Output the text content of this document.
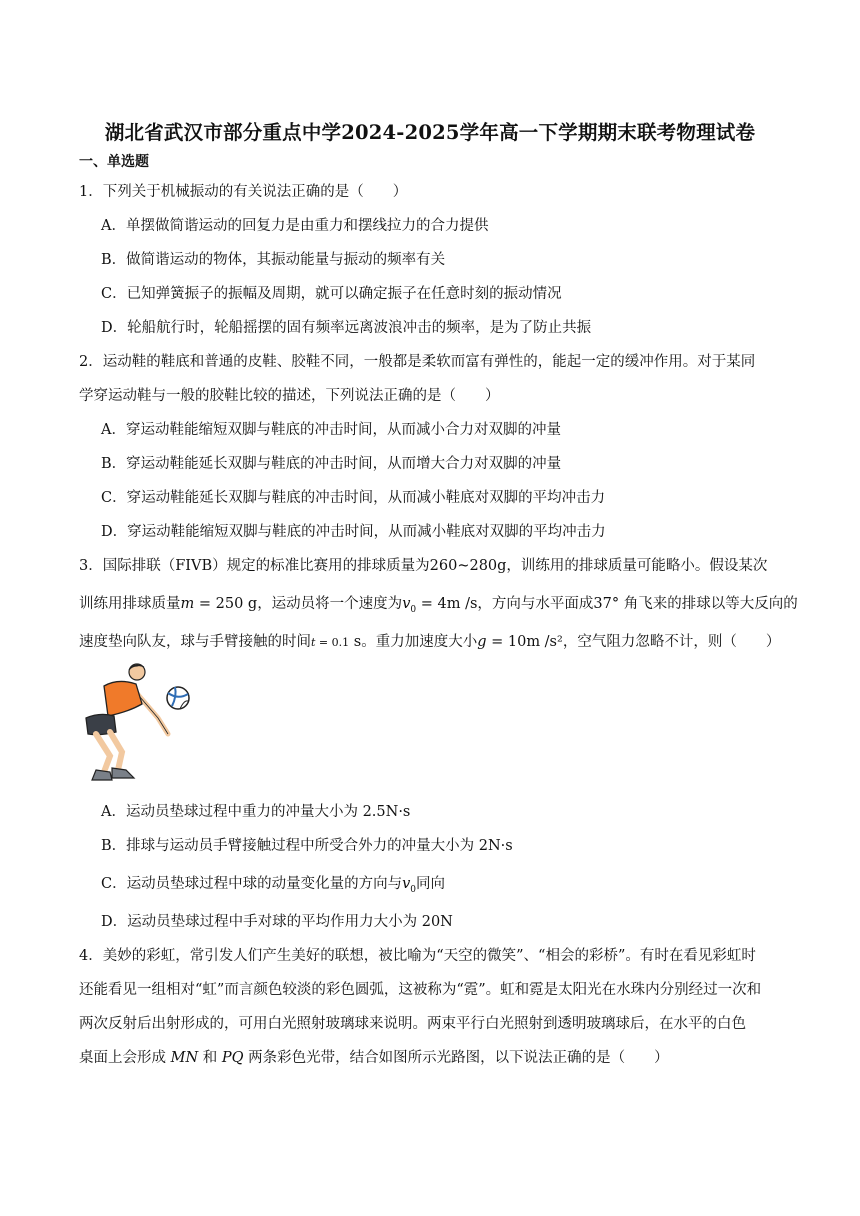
湖北省武汉市部分重点中学2024-2025学年高一下学期期末联考物理试卷
一、单选题
1．下列关于机械振动的有关说法正确的是（　　）
A．单摆做简谐运动的回复力是由重力和摆线拉力的合力提供
B．做简谐运动的物体，其振动能量与振动的频率有关
C．已知弹簧振子的振幅及周期，就可以确定振子在任意时刻的振动情况
D．轮船航行时，轮船摇摆的固有频率远离波浪冲击的频率，是为了防止共振
2．运动鞋的鞋底和普通的皮鞋、胶鞋不同，一般都是柔软而富有弹性的，能起一定的缓冲作用。对于某同
学穿运动鞋与一般的胶鞋比较的描述，下列说法正确的是（　　）
A．穿运动鞋能缩短双脚与鞋底的冲击时间，从而减小合力对双脚的冲量
B．穿运动鞋能延长双脚与鞋底的冲击时间，从而增大合力对双脚的冲量
C．穿运动鞋能延长双脚与鞋底的冲击时间，从而减小鞋底对双脚的平均冲击力
D．穿运动鞋能缩短双脚与鞋底的冲击时间，从而减小鞋底对双脚的平均冲击力
3．国际排联（FIVB）规定的标准比赛用的排球质量为260~280g，训练用的排球质量可能略小。假设某次
训练用排球质量m = 250 g，运动员将一个速度为$v_0 = 4m$ /s，方向与水平面成37° 角飞来的排球以等大反向的
速度垫向队友，球与手臂接触的时间t = 0.1 s。重力加速度大小g = 10m /s²，空气阻力忽略不计，则（　　）
A．运动员垫球过程中重力的冲量大小为 2.5N·s
B．排球与运动员手臂接触过程中所受合外力的冲量大小为 2N·s
C．运动员垫球过程中球的动量变化量的方向与$v_0$同向
D．运动员垫球过程中手对球的平均作用力大小为 20N
4．美妙的彩虹，常引发人们产生美好的联想，被比喻为“天空的微笑”、“相会的彩桥”。有时在看见彩虹时
还能看见一组相对“虹”而言颜色较淡的彩色圆弧，这被称为“霓”。虹和霓是太阳光在水珠内分别经过一次和
两次反射后出射形成的，可用白光照射玻璃球来说明。两束平行白光照射到透明玻璃球后，在水平的白色
桌面上会形成 MN 和 PQ 两条彩色光带，结合如图所示光路图，以下说法正确的是（　　）
